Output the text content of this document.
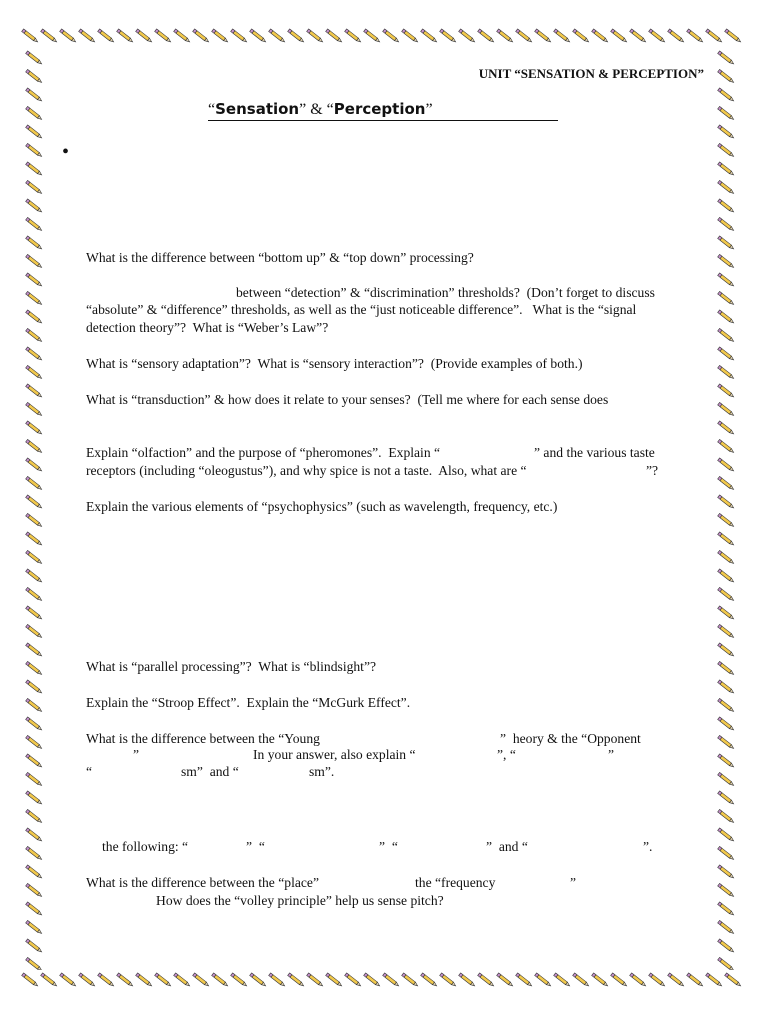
UNIT “SENSATION & PERCEPTION”
“Sensation” & “Perception”
•
What is the difference between “bottom up” & “top down” processing?
between “detection” & “discrimination” thresholds?  (Don’t forget to discuss
“absolute” & “difference” thresholds, as well as the “just noticeable difference”.   What is the “signal
detection theory”?  What is “Weber’s Law”?
What is “sensory adaptation”?  What is “sensory interaction”?  (Provide examples of both.)
What is “transduction” & how does it relate to your senses?  (Tell me where for each sense does
Explain “olfaction” and the purpose of “pheromones”.  Explain “	” and the various taste
receptors (including “oleogustus”), and why spice is not a taste.  Also, what are “	”?
Explain the various elements of “psychophysics” (such as wavelength, frequency, etc.)
What is “parallel processing”?  What is “blindsight”?
Explain the “Stroop Effect”.  Explain the “McGurk Effect”.
What is the difference between the “Young	”  heory & the “Opponent
”	In your answer, also explain “	”, “	”
“	sm”  and “	sm”.
the following: “	”  “	”  “	”  and “	”.
What is the difference between the “place”	the “frequency	”
How does the “volley principle” help us sense pitch?
